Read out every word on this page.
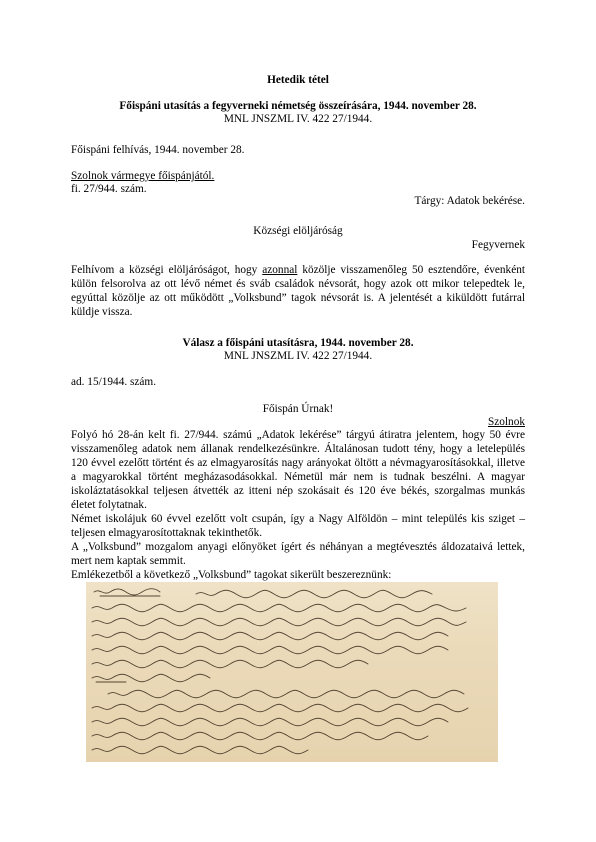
Hetedik tétel

Főispáni utasítás a fegyverneki németség összeírására, 1944. november 28.

MNL JNSZML IV. 422 27/1944.

Főispáni felhívás, 1944. november 28.

Szolnok vármegye főispánjától.

fi. 27/944. szám.

Tárgy: Adatok bekérése.

Községi elöljáróság

Fegyvernek

Felhívom a községi elöljáróságot, hogy azonnal közölje visszamenőleg 50 esztendőre, évenként külön felsorolva az ott lévő német és sváb családok névsorát, hogy azok ott mikor telepedtek le, egyúttal közölje az ott működött „Volksbund” tagok névsorát is. A jelentését a kiküldött futárral küldje vissza.

Válasz a főispáni utasításra, 1944. november 28.

MNL JNSZML IV. 422 27/1944.

ad. 15/1944. szám.

Főispán Úrnak!

Szolnok

Folyó hó 28-án kelt fi. 27/944. számú „Adatok lekérése” tárgyú átiratra jelentem, hogy 50 évre visszamenőleg adatok nem állanak rendelkezésünkre. Általánosan tudott tény, hogy a letelepülés 120 évvel ezelőtt történt és az elmagyarosítás nagy arányokat öltött a névmagyarosításokkal, illetve a magyarokkal történt megházasodásokkal. Németül már nem is tudnak beszélni. A magyar iskoláztatásokkal teljesen átvették az itteni nép szokásait és 120 éve békés, szorgalmas munkás életet folytatnak.

Német iskolájuk 60 évvel ezelőtt volt csupán, így a Nagy Alföldön – mint település kis sziget – teljesen elmagyarosítottaknak tekinthetők.

A „Volksbund” mozgalom anyagi előnyöket ígért és néhányan a megtévesztés áldozataivá lettek, mert nem kaptak semmit.

Emlékezetből a következő „Volksbund” tagokat sikerült beszereznünk:
